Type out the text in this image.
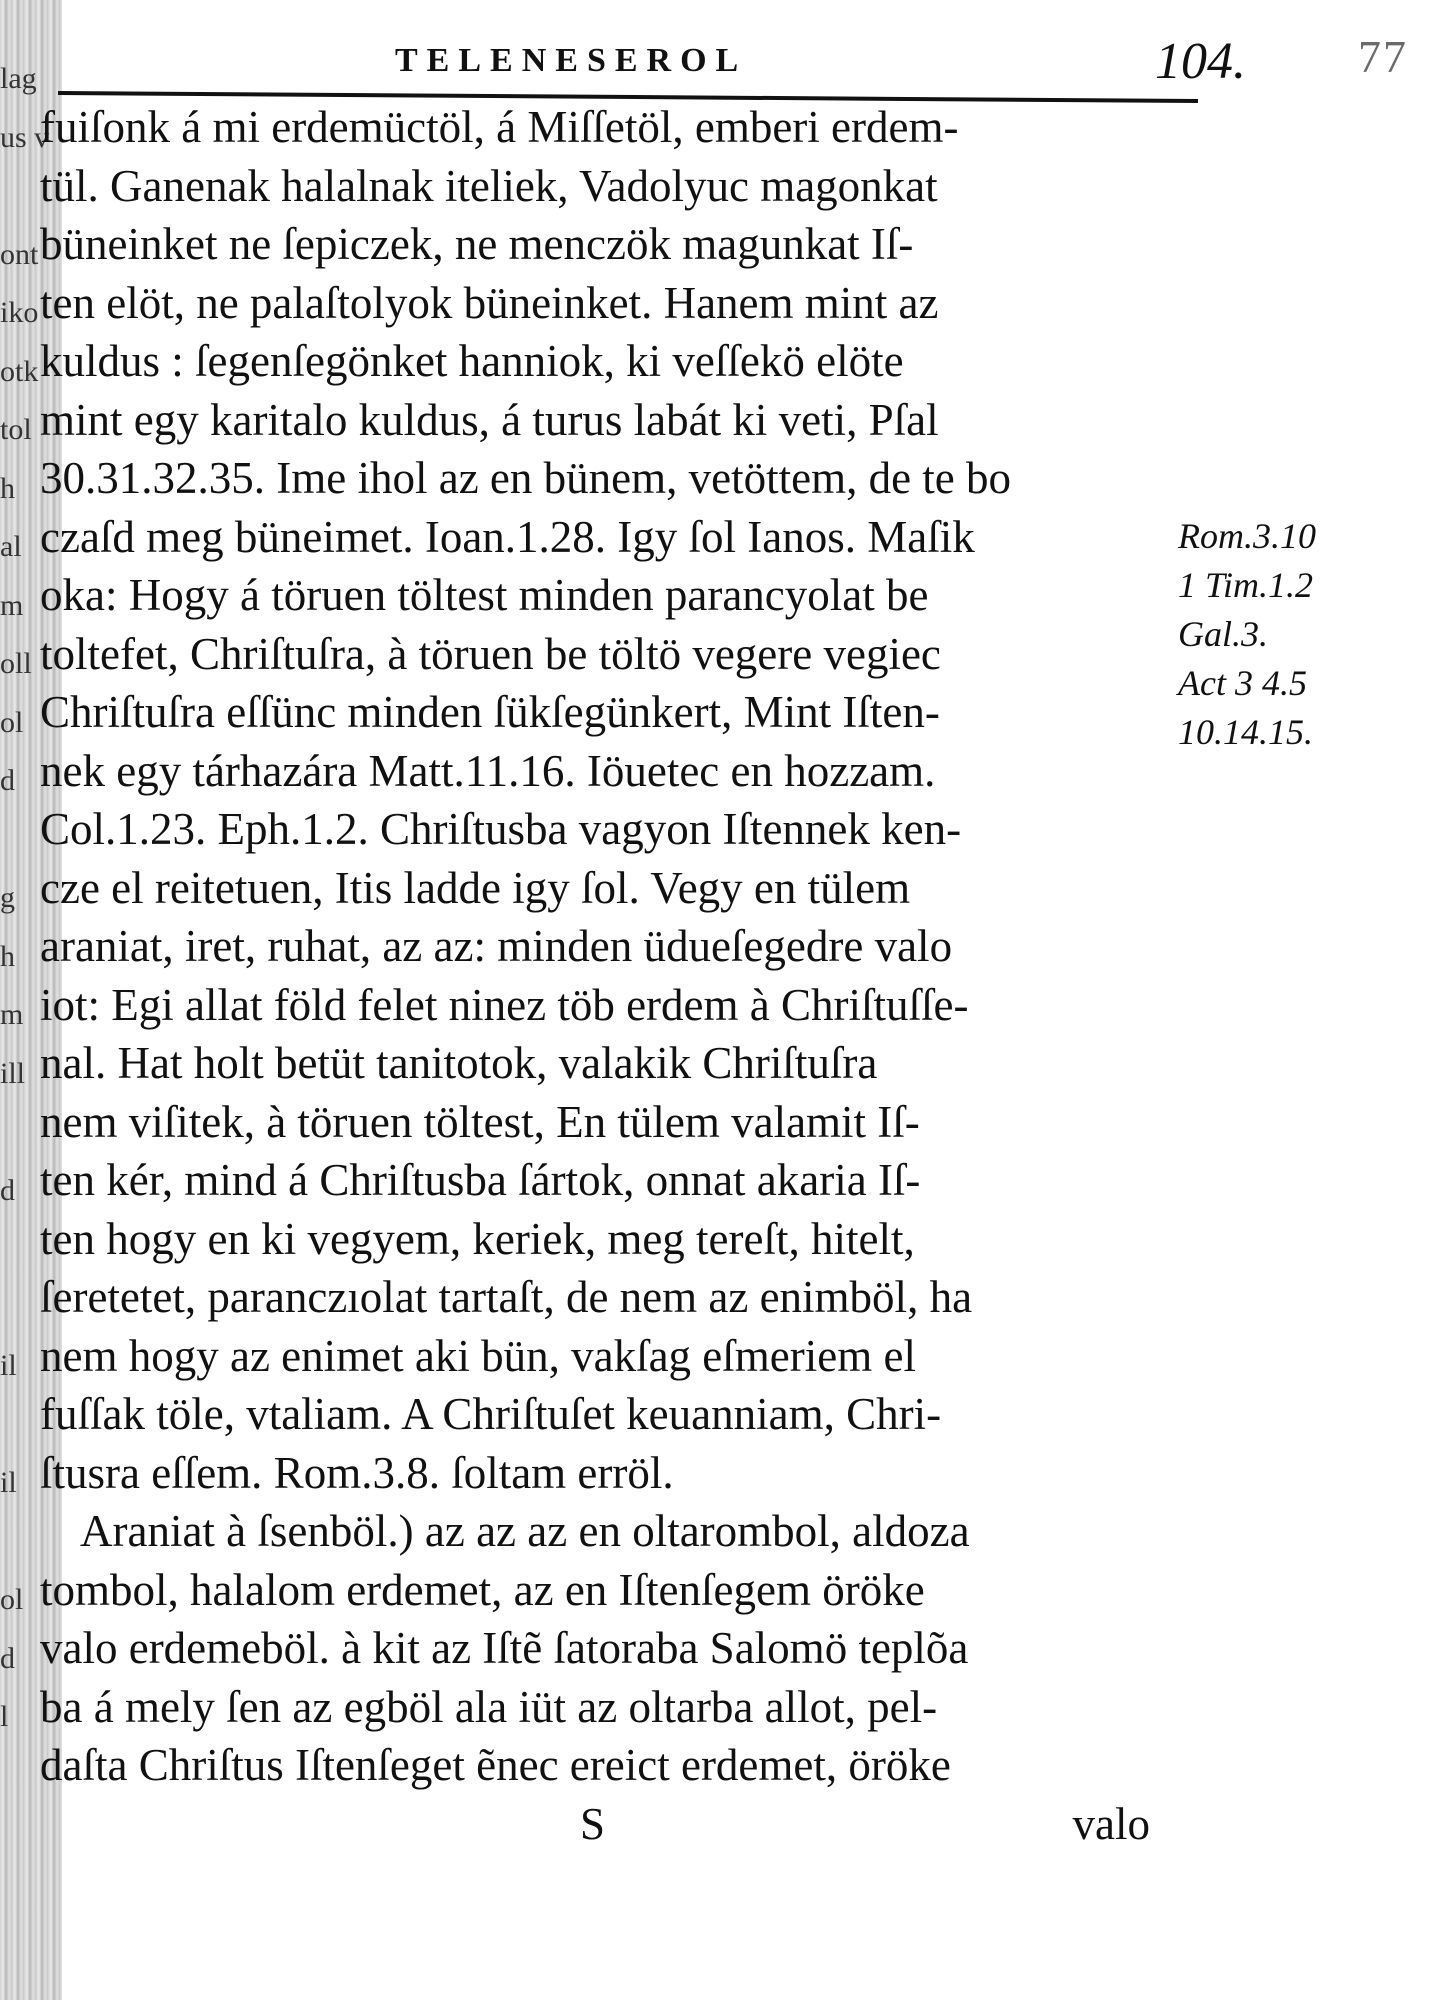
lag
us v
ont
iko
otk
tol
h
al
m
oll
ol
d
g
h
m
ill
d
il
il
ol
d
l
TELENESEROL	104. 77
fuiſonk á mi erdemüctöl, á Miſſetöl, emberi erdem-
tül. Ganenak halalnak iteliek, Vadolyuc magonkat
büneinket ne ſepiczek, ne menczök magunkat Iſ-
ten elöt, ne palaſtolyok büneinket. Hanem mint az
kuldus : ſegenſegönket hanniok, ki veſſekö elöte
mint egy karitalo kuldus, á turus labát ki veti, Pſal
30.31.32.35. Ime ihol az en bünem, vetöttem, de te bo
czaſd meg büneimet. Ioan.1.28. Igy ſol Ianos. Maſik
oka: Hogy á töruen töltest minden parancyolat be
toltefet, Chriſtuſra, à töruen be töltö vegere vegiec
Chriſtuſra eſſünc minden ſükſegünkert, Mint Iſten-
nek egy tárhazára Matt.11.16. Iöuetec en hozzam.
Col.1.23. Eph.1.2. Chriſtusba vagyon Iſtennek ken-
cze el reitetuen, Itis ladde igy ſol. Vegy en tülem
araniat, iret, ruhat, az az: minden üdueſegedre valo
iot: Egi allat föld felet ninez töb erdem à Chriſtuſſe-
nal. Hat holt betüt tanitotok, valakik Chriſtuſra
nem viſitek, à töruen töltest, En tülem valamit Iſ-
ten kér, mind á Chriſtusba ſártok, onnat akaria Iſ-
ten hogy en ki vegyem, keriek, meg tereſt, hitelt,
ſeretetet, paranczıolat tartaſt, de nem az enimböl, ha
nem hogy az enimet aki bün, vakſag eſmeriem el
fuſſak töle, vtaliam. A Chriſtuſet keuanniam, Chri-
ſtusra eſſem. Rom.3.8. ſoltam erröl.
Araniat à ſsenböl.) az az az en oltarombol, aldoza
tombol, halalom erdemet, az en Iſtenſegem öröke
valo erdemeböl. à kit az Iſtẽ ſatoraba Salomö teplõa
ba á mely ſen az egböl ala iüt az oltarba allot, pel-
daſta Chriſtus Iſtenſeget ẽnec ereict erdemet, öröke
S	valo
Rom.3.10
1 Tim.1.2
Gal.3.
Act 3 4.5
10.14.15.
